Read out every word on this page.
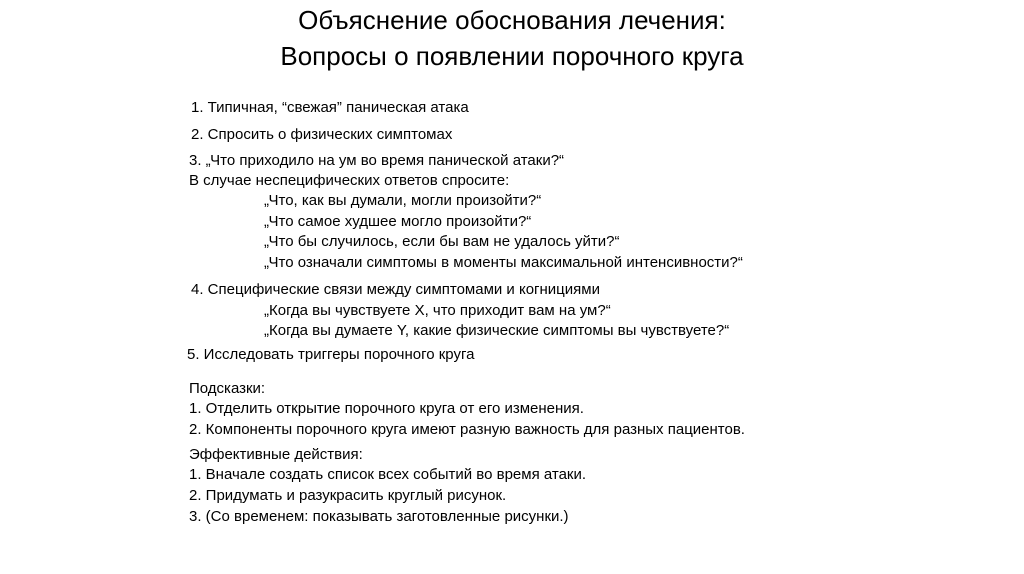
Объяснение обоснования лечения:
Вопросы о появлении порочного круга
1. Типичная, “свежая” паническая атака
2. Спросить о физических симптомах
3. „Что приходило на ум во время панической атаки?“
В случае неспецифических ответов спросите:
„Что, как вы думали, могли произойти?“
„Что самое худшее могло произойти?“
„Что бы случилось, если бы вам не удалось уйти?“
„Что означали симптомы в моменты максимальной интенсивности?“
4. Специфические связи между симптомами и когнициями
„Когда вы чувствуете X, что приходит вам на ум?“
„Когда вы думаете Y, какие физические симптомы вы чувствуете?“
5. Исследовать триггеры порочного круга
Подсказки:
1. Отделить открытие порочного круга от его изменения.
2. Компоненты порочного круга имеют разную важность для разных пациентов.
Эффективные действия:
1. Вначале создать список всех событий во время атаки.
2. Придумать и разукрасить круглый рисунок.
3. (Со временем: показывать заготовленные рисунки.)
